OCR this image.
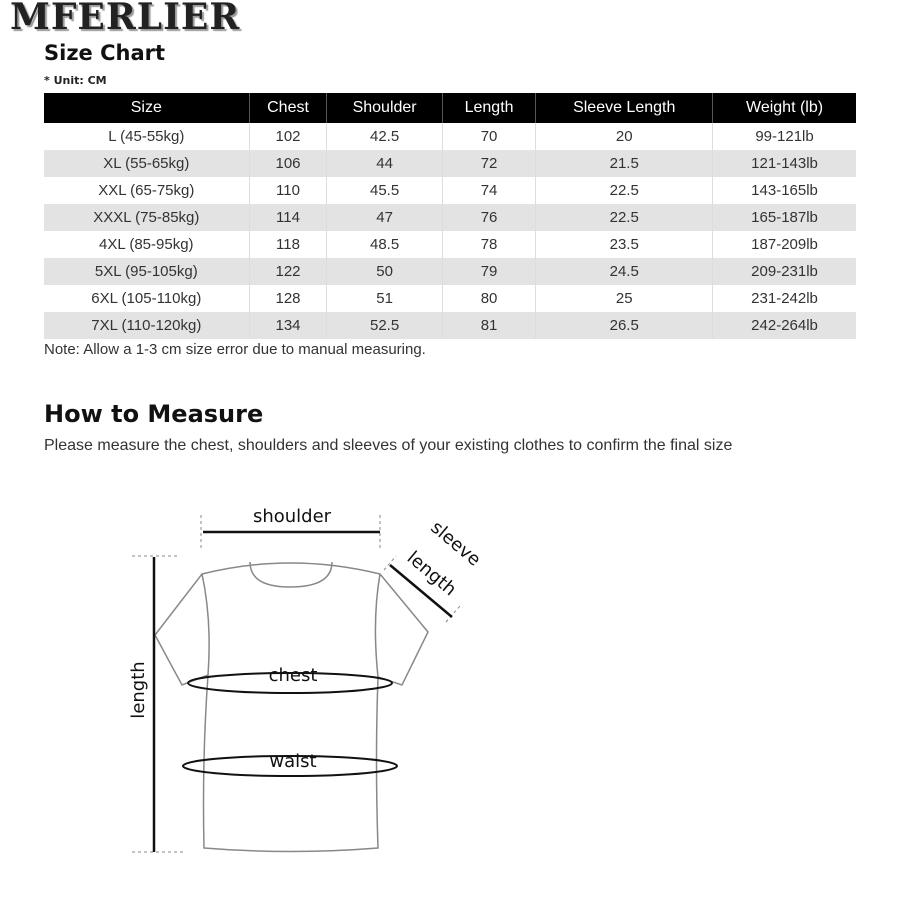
MFERLIER
Size Chart
* Unit: CM
Size	Chest	Shoulder	Length	Sleeve Length	Weight (lb)
L (45-55kg)	102	42.5	70	20	99-121lb
XL (55-65kg)	106	44	72	21.5	121-143lb
XXL (65-75kg)	110	45.5	74	22.5	143-165lb
XXXL (75-85kg)	114	47	76	22.5	165-187lb
4XL (85-95kg)	118	48.5	78	23.5	187-209lb
5XL (95-105kg)	122	50	79	24.5	209-231lb
6XL (105-110kg)	128	51	80	25	231-242lb
7XL (110-120kg)	134	52.5	81	26.5	242-264lb
Note: Allow a 1-3 cm size error due to manual measuring.
How to Measure
Please measure the chest, shoulders and sleeves of your existing clothes to confirm the final size
shoulder
chest
waist
length
sleeve
length
